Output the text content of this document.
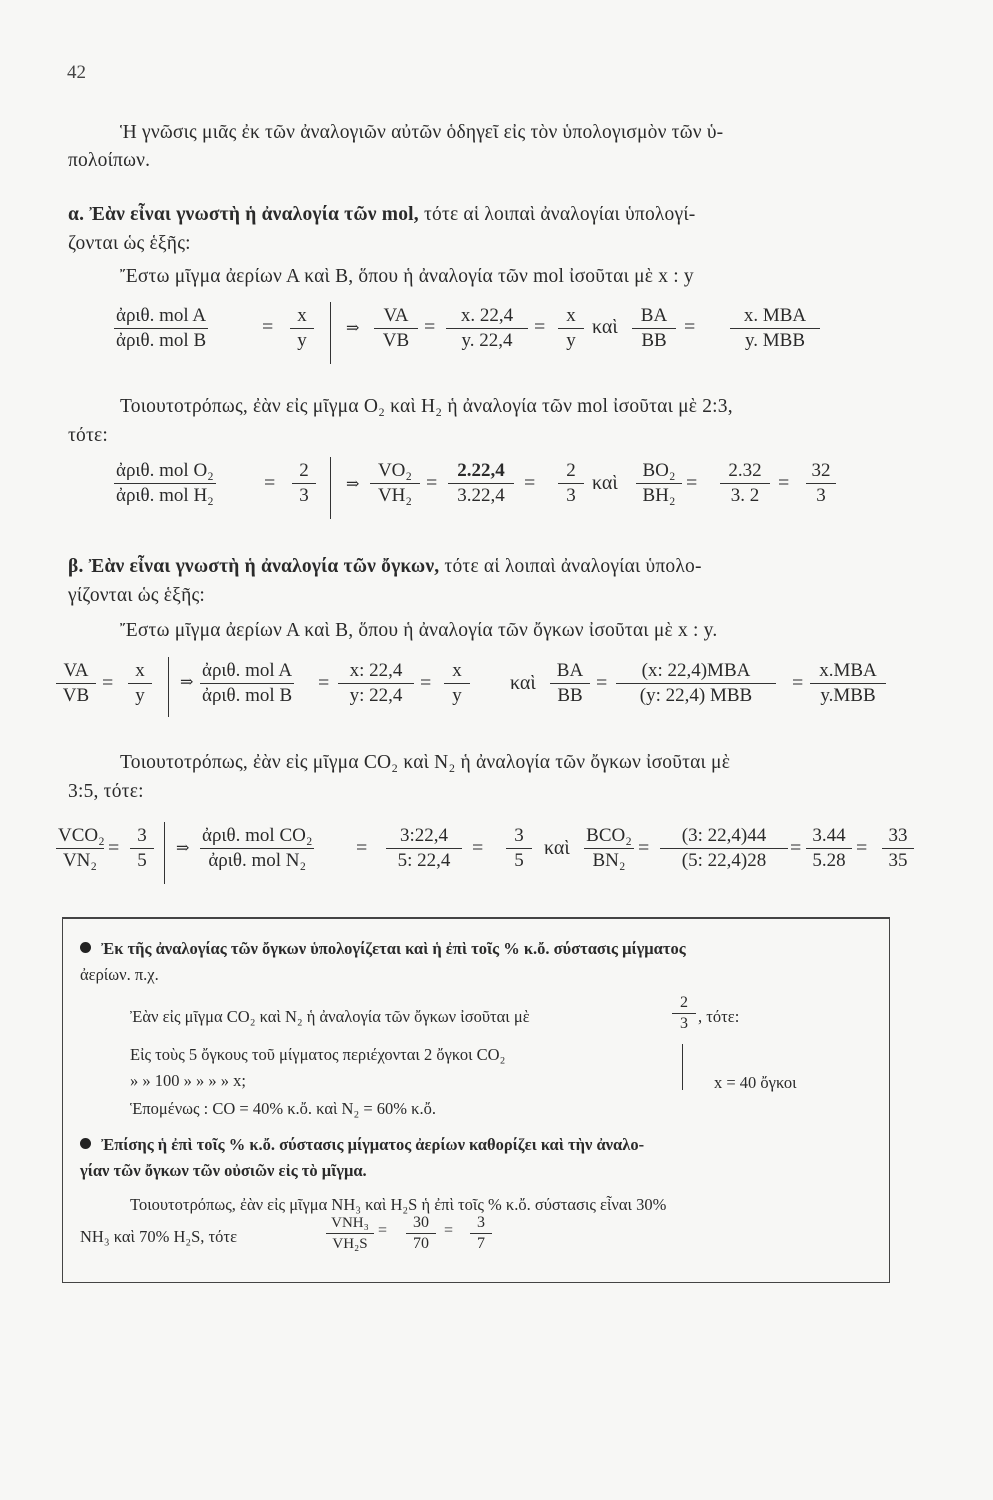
42
Ἡ γνῶσις μιᾶς ἐκ τῶν ἀναλογιῶν αὐτῶν ὁδηγεῖ εἰς τὸν ὑπολογισμὸν τῶν ὑ-
πολοίπων.
α. Ἐὰν εἶναι γνωστὴ ἡ ἀναλογία τῶν mol, τότε αἱ λοιπαὶ ἀναλογίαι ὑπολογί-
ζονται ὡς ἑξῆς:
Ἔστω μῖγμα ἀερίων Α καὶ Β, ὅπου ἡ ἀναλογία τῶν mol ἰσοῦται μὲ x : y
ἀριθ. mol A
ἀριθ. mol B
=
x
y
⇒
VA
VB
=
x. 22,4
y. 22,4
=
x
y
καὶ
BA
BB
=
x. MBA
y. MBB
Τοιουτοτρόπως, ἐὰν εἰς μῖγμα O₂ καὶ H₂ ἡ ἀναλογία τῶν mol ἰσοῦται μὲ 2:3,
τότε:
ἀριθ. mol O₂
ἀριθ. mol H₂
=
2
3
⇒
VO₂
VH₂
=
2.22,4
3.22,4
=
2
3
καὶ
BO₂
BH₂
=
2.32
3. 2
=
32
3
β. Ἐὰν εἶναι γνωστὴ ἡ ἀναλογία τῶν ὄγκων, τότε αἱ λοιπαὶ ἀναλογίαι ὑπολο-
γίζονται ὡς ἑξῆς:
Ἔστω μῖγμα ἀερίων Α καὶ Β, ὅπου ἡ ἀναλογία τῶν ὄγκων ἰσοῦται μὲ x : y.
VA
VB
=
x
y
⇒
ἀριθ. mol A
ἀριθ. mol B
=
x: 22,4
y: 22,4
=
x
y
καὶ
BA
BB
=
(x: 22,4)MBA
(y: 22,4) MBB
=
x.MBA
y.MBB
Τοιουτοτρόπως, ἐὰν εἰς μῖγμα CO₂ καὶ N₂ ἡ ἀναλογία τῶν ὄγκων ἰσοῦται μὲ
3:5, τότε:
VCO₂
VN₂
=
3
5
⇒
ἀριθ. mol CO₂
ἀριθ. mol N₂
=
3:22,4
5: 22,4
=
3
5
καὶ
BCO₂
BN₂
=
(3: 22,4)44
(5: 22,4)28
=
3.44
5.28
=
33
35
Ἐκ τῆς ἀναλογίας τῶν ὄγκων ὑπολογίζεται καὶ ἡ ἐπὶ τοῖς % κ.ὄ. σύστασις μίγματος
ἀερίων. π.χ.
Ἐὰν εἰς μῖγμα CO₂ καὶ N₂ ἡ ἀναλογία τῶν ὄγκων ἰσοῦται μὲ
2
3 , τότε:
Εἰς τοὺς 5 ὄγκους τοῦ μίγματος περιέχονται 2 ὄγκοι CO₂
» » 100 » » » » x;	x = 40 ὄγκοι
Ἑπομένως : CO = 40% κ.ὄ. καὶ N₂ = 60% κ.ὄ.
Ἐπίσης ἡ ἐπὶ τοῖς % κ.ὄ. σύστασις μίγματος ἀερίων καθορίζει καὶ τὴν ἀναλο-
γίαν τῶν ὄγκων τῶν οὐσιῶν εἰς τὸ μῖγμα.
Τοιουτοτρόπως, ἐὰν εἰς μῖγμα NH₃ καὶ H₂S ἡ ἐπὶ τοῖς % κ.ὄ. σύστασις εἶναι 30%
NH₃ καὶ 70% H₂S, τότε
VNH₃
VH₂S
=	30
70
=	3
7
